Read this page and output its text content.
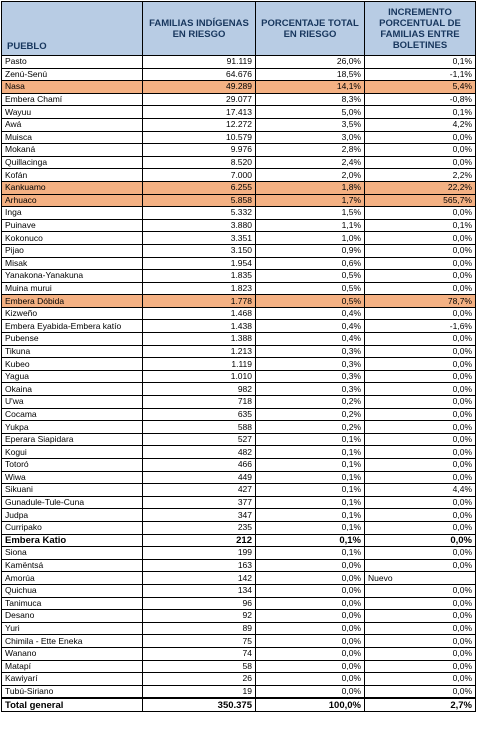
PUEBLO	FAMILIAS INDÍGENAS EN RIESGO	PORCENTAJE TOTAL EN RIESGO	INCREMENTO PORCENTUAL DE FAMILIAS ENTRE BOLETINES
Pasto	91.119	26,0%	0,1%
Zenú-Senú	64.676	18,5%	-1,1%
Nasa	49.289	14,1%	5,4%
Embera Chamí	29.077	8,3%	-0,8%
Wayuu	17.413	5,0%	0,1%
Awá	12.272	3,5%	4,2%
Muisca	10.579	3,0%	0,0%
Mokaná	9.976	2,8%	0,0%
Quillacinga	8.520	2,4%	0,0%
Kofán	7.000	2,0%	2,2%
Kankuamo	6.255	1,8%	22,2%
Arhuaco	5.858	1,7%	565,7%
Inga	5.332	1,5%	0,0%
Puinave	3.880	1,1%	0,1%
Kokonuco	3.351	1,0%	0,0%
Pijao	3.150	0,9%	0,0%
Misak	1.954	0,6%	0,0%
Yanakona-Yanakuna	1.835	0,5%	0,0%
Muina murui	1.823	0,5%	0,0%
Embera Dóbida	1.778	0,5%	78,7%
Kizweño	1.468	0,4%	0,0%
Embera Eyabida-Embera katío	1.438	0,4%	-1,6%
Pubense	1.388	0,4%	0,0%
Tikuna	1.213	0,3%	0,0%
Kubeo	1.119	0,3%	0,0%
Yagua	1.010	0,3%	0,0%
Okaina	982	0,3%	0,0%
U'wa	718	0,2%	0,0%
Cocama	635	0,2%	0,0%
Yukpa	588	0,2%	0,0%
Eperara Siapidara	527	0,1%	0,0%
Kogui	482	0,1%	0,0%
Totoró	466	0,1%	0,0%
Wiwa	449	0,1%	0,0%
Sikuani	427	0,1%	4,4%
Gunadule-Tule-Cuna	377	0,1%	0,0%
Judpa	347	0,1%	0,0%
Curripako	235	0,1%	0,0%
Embera Katio	212	0,1%	0,0%
Siona	199	0,1%	0,0%
Kamëntsá	163	0,0%	0,0%
Amorúa	142	0,0%	Nuevo
Quichua	134	0,0%	0,0%
Tanimuca	96	0,0%	0,0%
Desano	92	0,0%	0,0%
Yuri	89	0,0%	0,0%
Chimila - Ette Eneka	75	0,0%	0,0%
Wanano	74	0,0%	0,0%
Matapí	58	0,0%	0,0%
Kawiyarí	26	0,0%	0,0%
Tubú-Siriano	19	0,0%	0,0%
Total general	350.375	100,0%	2,7%
